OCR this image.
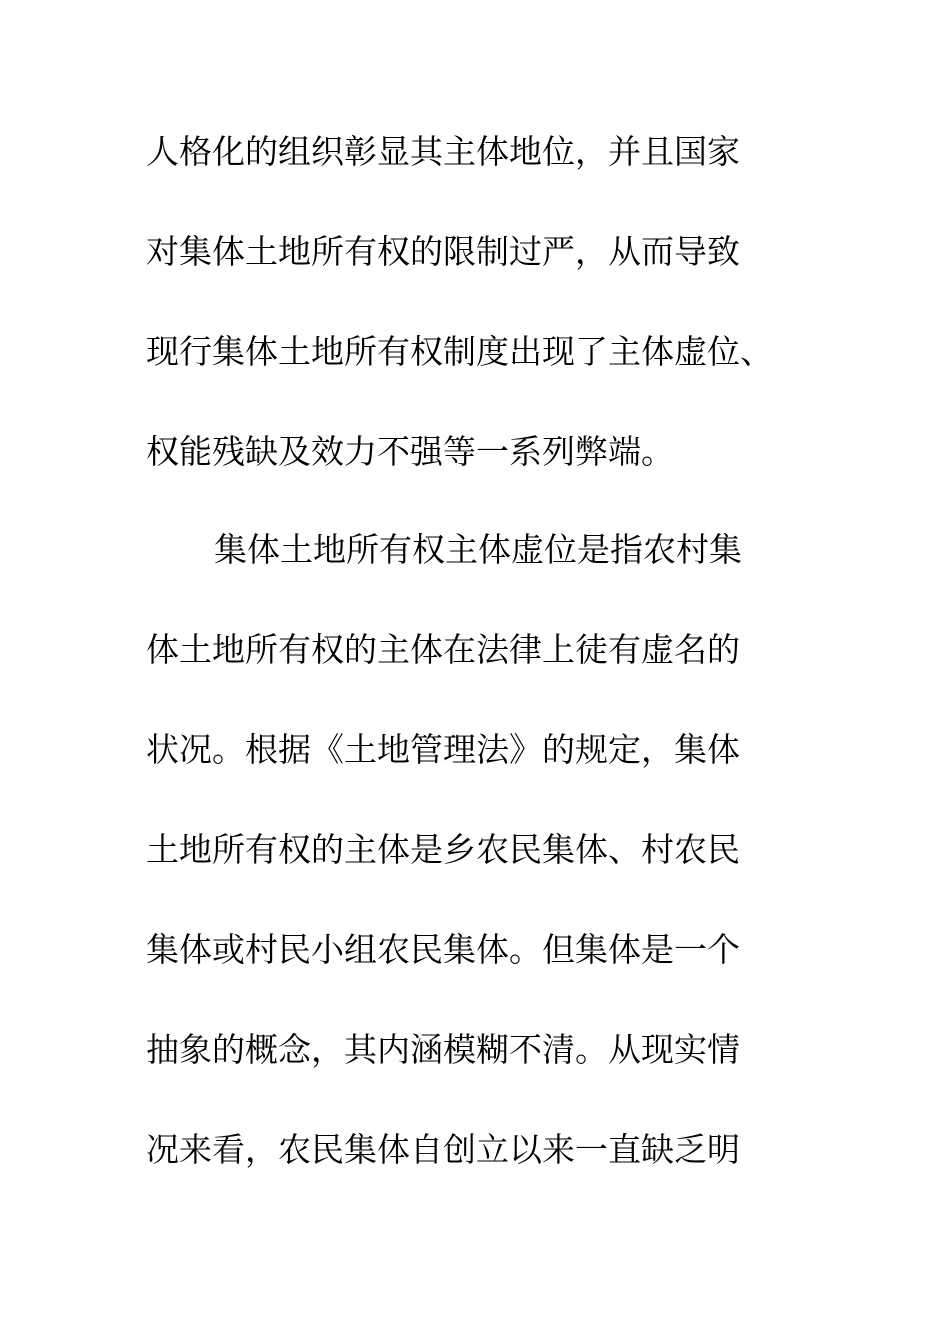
人格化的组织彰显其主体地位，并且国家
对集体土地所有权的限制过严，从而导致
现行集体土地所有权制度出现了主体虚位、
权能残缺及效力不强等一系列弊端。
集体土地所有权主体虚位是指农村集
体土地所有权的主体在法律上徒有虚名的
状况。根据《土地管理法》的规定，集体
土地所有权的主体是乡农民集体、村农民
集体或村民小组农民集体。但集体是一个
抽象的概念，其内涵模糊不清。从现实情
况来看，农民集体自创立以来一直缺乏明
